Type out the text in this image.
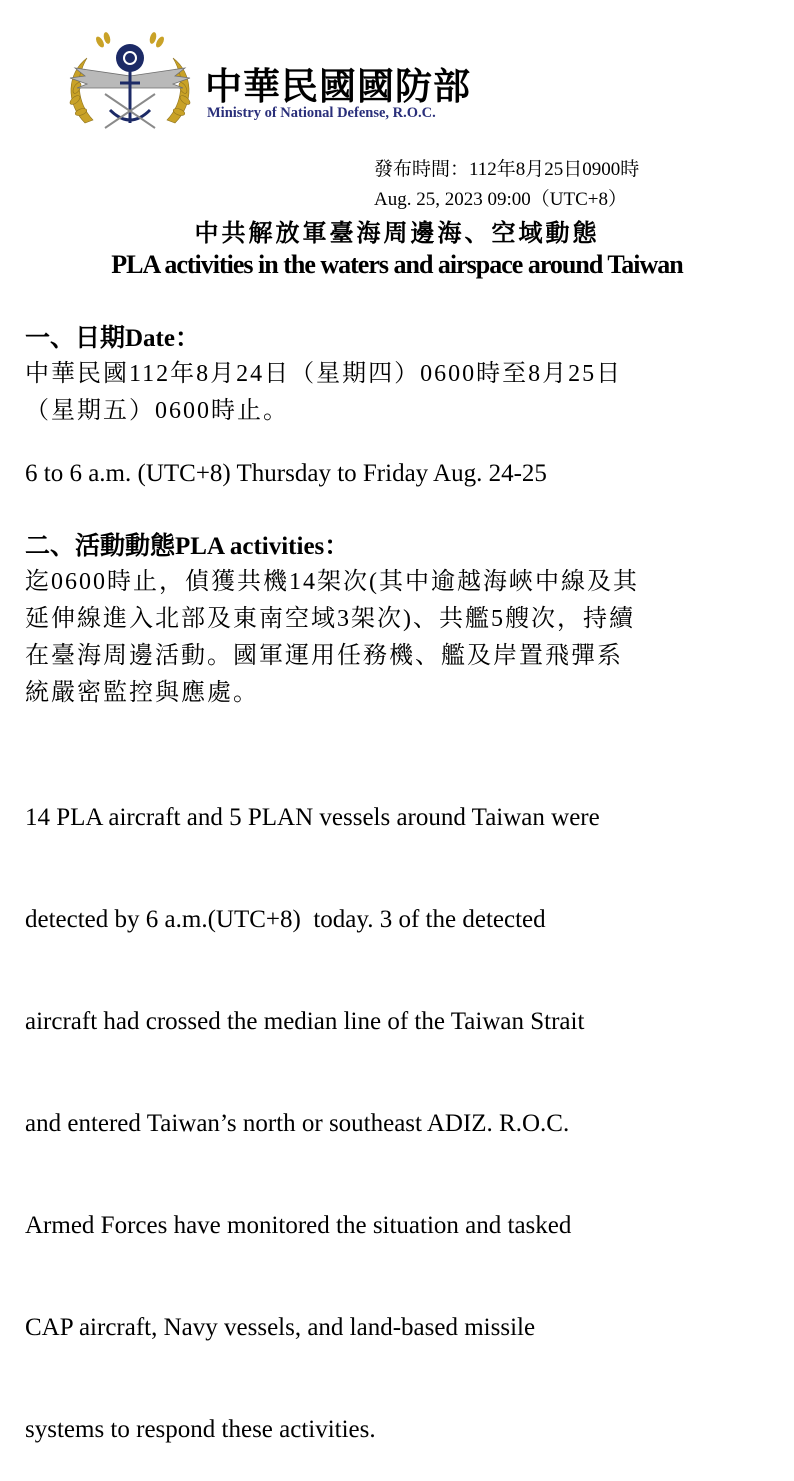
中華民國國防部
Ministry of National Defense, R.O.C.
發布時間：112年8月25日0900時
Aug. 25, 2023 09:00（UTC+8）
中共解放軍臺海周邊海、空域動態
PLA activities in the waters and airspace around Taiwan
一、日期Date：
中華民國112年8月24日（星期四）0600時至8月25日
（星期五）0600時止。
6 to 6 a.m. (UTC+8) Thursday to Friday Aug. 24-25
二、活動動態PLA activities：
迄0600時止，偵獲共機14架次(其中逾越海峽中線及其
延伸線進入北部及東南空域3架次)、共艦5艘次，持續
在臺海周邊活動。國軍運用任務機、艦及岸置飛彈系
統嚴密監控與應處。

14 PLA aircraft and 5 PLAN vessels around Taiwan were

detected by 6 a.m.(UTC+8)  today. 3 of the detected

aircraft had crossed the median line of the Taiwan Strait

and entered Taiwan’s north or southeast ADIZ. R.O.C.

Armed Forces have monitored the situation and tasked

CAP aircraft, Navy vessels, and land-based missile

systems to respond these activities.
